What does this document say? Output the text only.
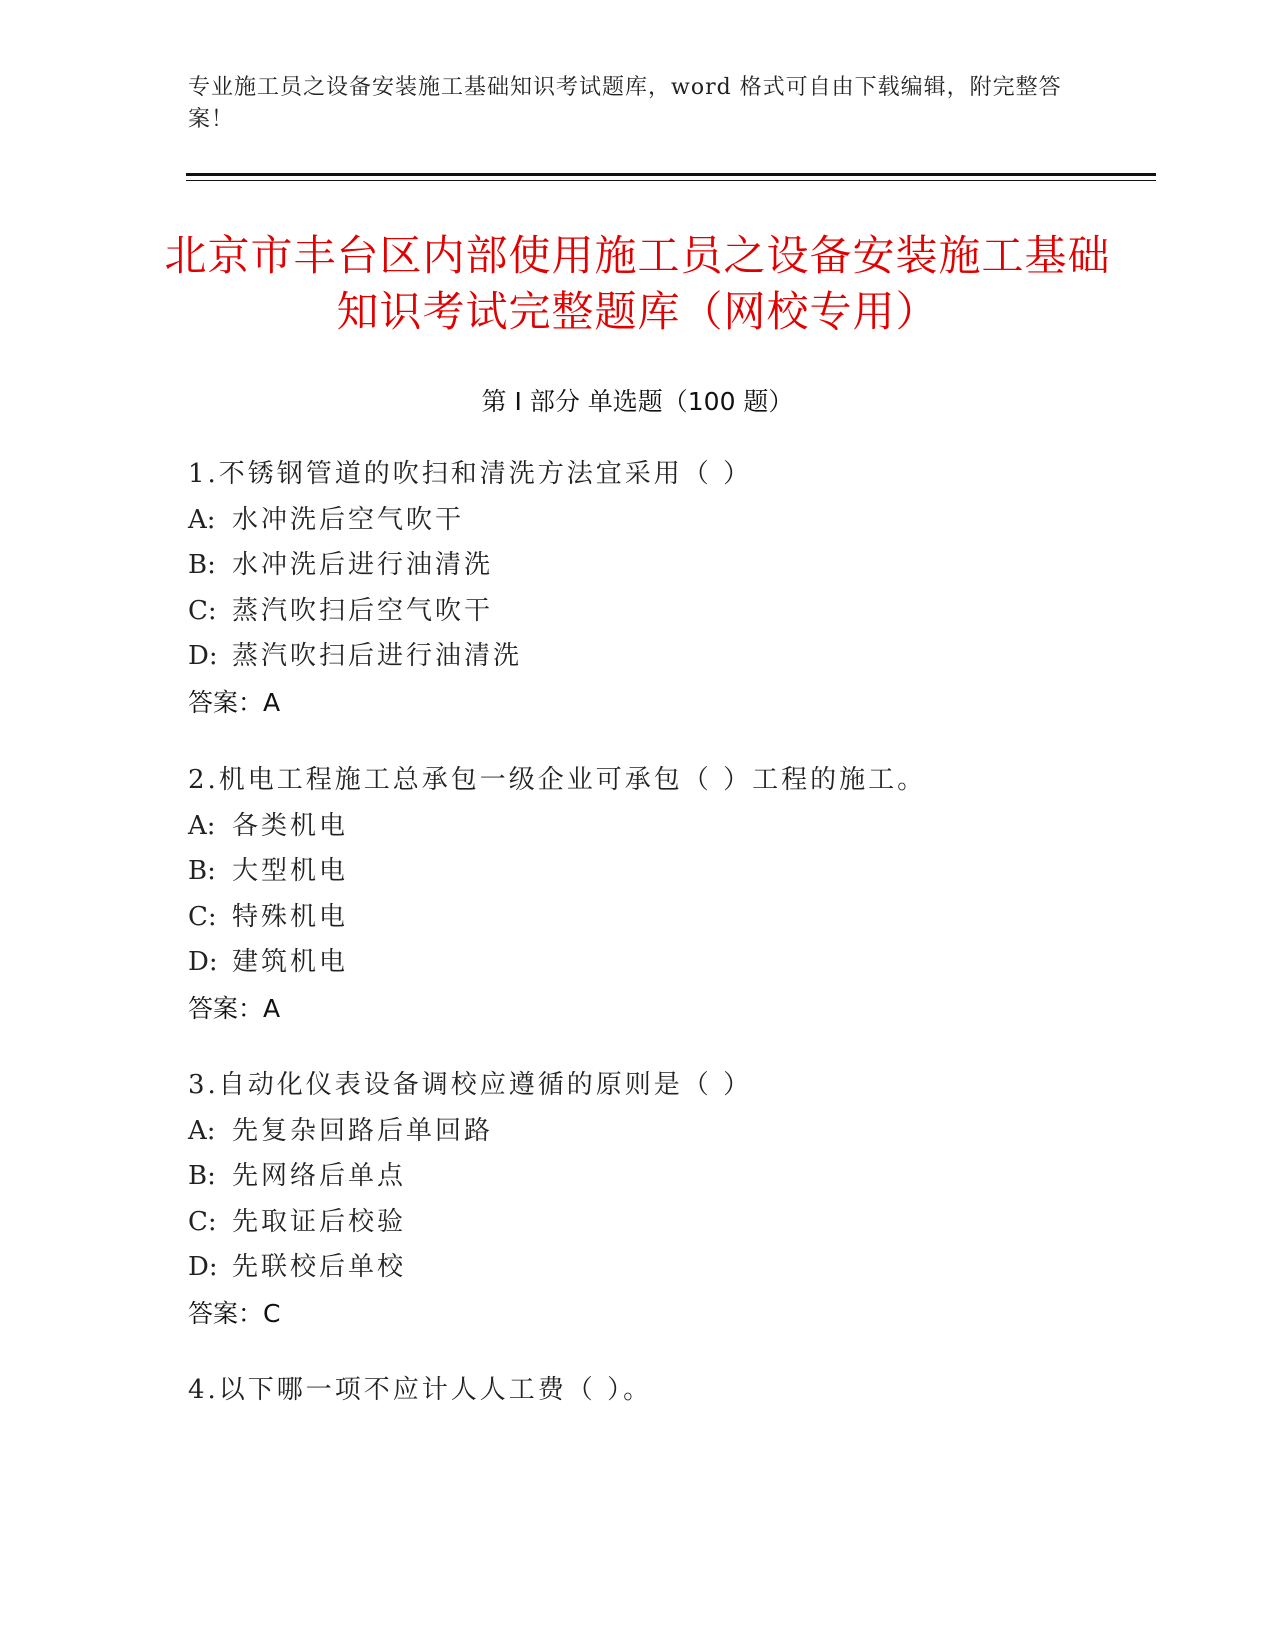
专业施工员之设备安装施工基础知识考试题库，word 格式可自由下载编辑，附完整答案！
北京市丰台区内部使用施工员之设备安装施工基础知识考试完整题库（网校专用）
第 I 部分 单选题（100 题）
1.不锈钢管道的吹扫和清洗方法宜采用（ ）
A: 水冲洗后空气吹干
B: 水冲洗后进行油清洗
C: 蒸汽吹扫后空气吹干
D: 蒸汽吹扫后进行油清洗
答案：A
2.机电工程施工总承包一级企业可承包（ ）工程的施工。
A: 各类机电
B: 大型机电
C: 特殊机电
D: 建筑机电
答案：A
3.自动化仪表设备调校应遵循的原则是（ ）
A: 先复杂回路后单回路
B: 先网络后单点
C: 先取证后校验
D: 先联校后单校
答案：C
4.以下哪一项不应计人人工费（ ）。
